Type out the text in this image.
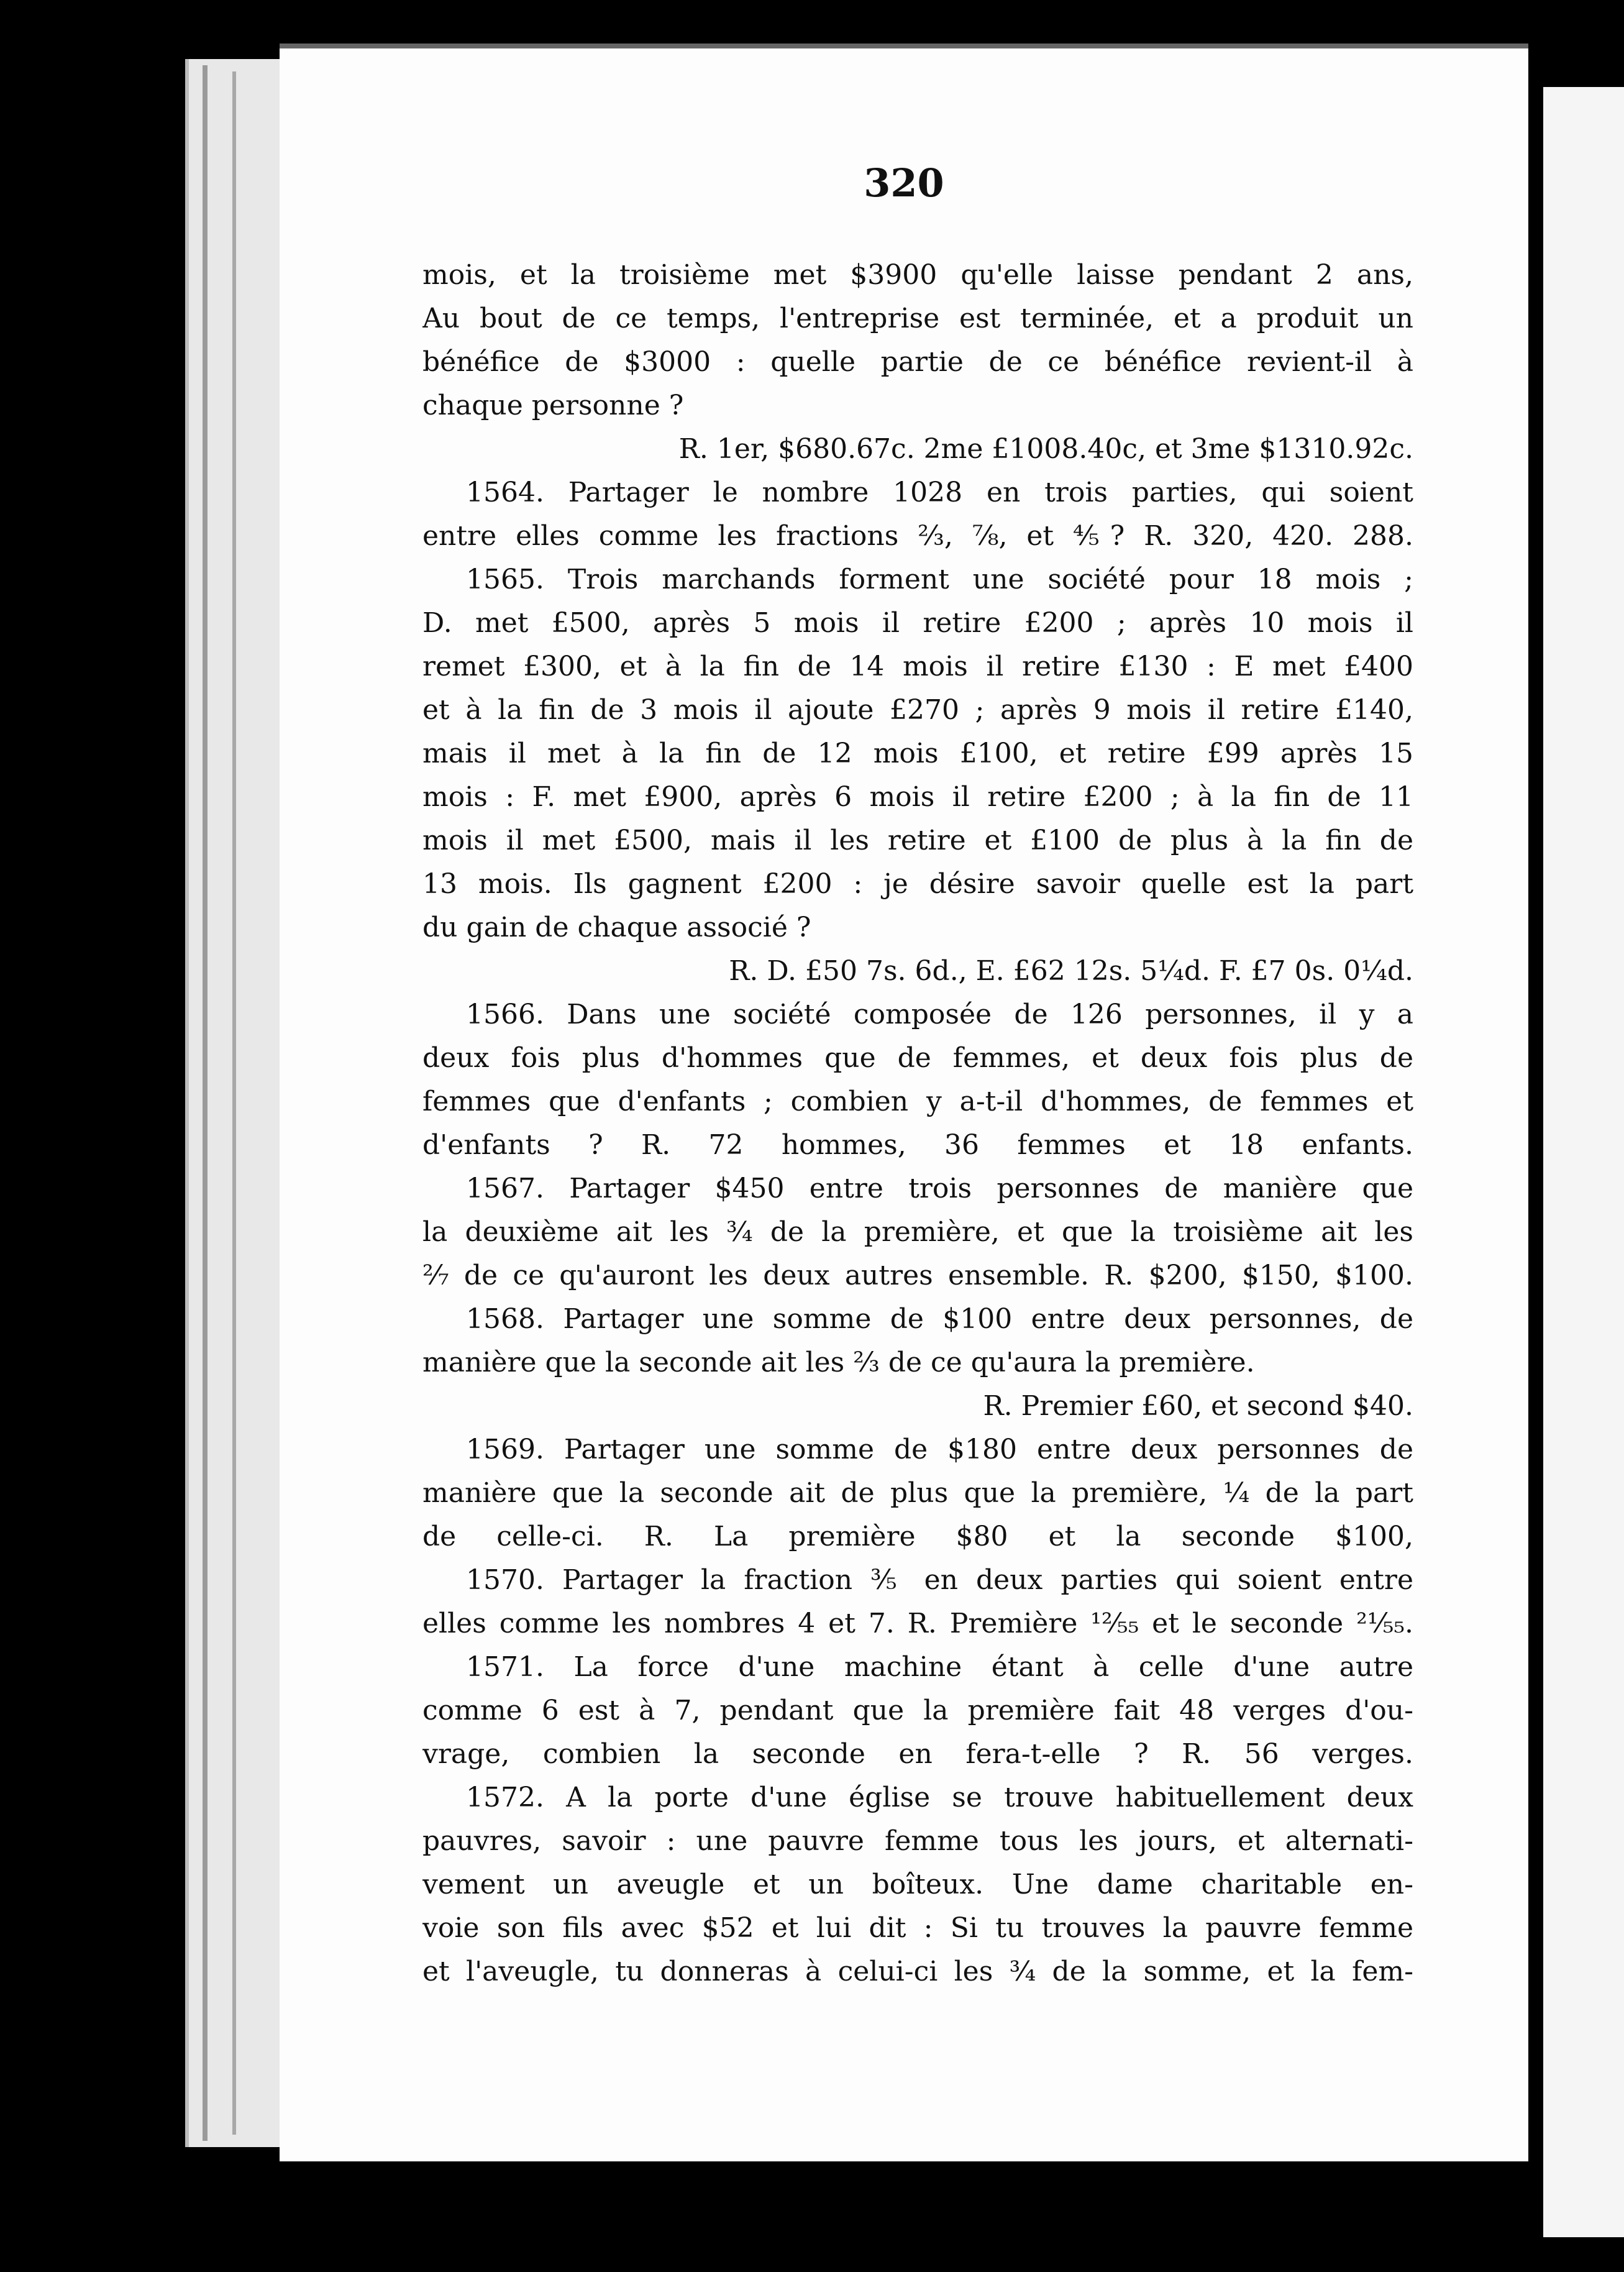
320
mois, et la troisième met $3900 qu'elle laisse pendant 2 ans,
Au bout de ce temps, l'entreprise est terminée, et a produit un
bénéfice de $3000 : quelle partie de ce bénéfice revient-il à
chaque personne ?
R. 1er, $680.67c. 2me £1008.40c, et 3me $1310.92c.
1564. Partager le nombre 1028 en trois parties, qui soient
entre elles comme les fractions ⅔, ⅞, et ⅘? R. 320, 420. 288.
1565. Trois marchands forment une société pour 18 mois ;
D. met £500, après 5 mois il retire £200 ; après 10 mois il
remet £300, et à la fin de 14 mois il retire £130 : E met £400
et à la fin de 3 mois il ajoute £270 ; après 9 mois il retire £140,
mais il met à la fin de 12 mois £100, et retire £99 après 15
mois : F. met £900, après 6 mois il retire £200 ; à la fin de 11
mois il met £500, mais il les retire et £100 de plus à la fin de
13 mois. Ils gagnent £200 : je désire savoir quelle est la part
du gain de chaque associé ?
R. D. £50 7s. 6d., E. £62 12s. 5¼d. F. £7 0s. 0¼d.
1566. Dans une société composée de 126 personnes, il y a
deux fois plus d'hommes que de femmes, et deux fois plus de
femmes que d'enfants ; combien y a-t-il d'hommes, de femmes et
d'enfants ? R. 72 hommes, 36 femmes et 18 enfants.
1567. Partager $450 entre trois personnes de manière que
la deuxième ait les ¾ de la première, et que la troisième ait les
²⁄₇ de ce qu'auront les deux autres ensemble. R. $200, $150, $100.
1568. Partager une somme de $100 entre deux personnes, de
manière que la seconde ait les ⅔ de ce qu'aura la première.
R. Premier £60, et second $40.
1569. Partager une somme de $180 entre deux personnes de
manière que la seconde ait de plus que la première, ¼ de la part
de celle-ci. R. La première $80 et la seconde $100,
1570. Partager la fraction ⅗ en deux parties qui soient entre
elles comme les nombres 4 et 7. R. Première ¹²⁄₅₅ et le seconde ²¹⁄₅₅.
1571. La force d'une machine étant à celle d'une autre
comme 6 est à 7, pendant que la première fait 48 verges d'ou-
vrage, combien la seconde en fera-t-elle ? R. 56 verges.
1572. A la porte d'une église se trouve habituellement deux
pauvres, savoir : une pauvre femme tous les jours, et alternati-
vement un aveugle et un boîteux. Une dame charitable en-
voie son fils avec $52 et lui dit : Si tu trouves la pauvre femme
et l'aveugle, tu donneras à celui-ci les ¾ de la somme, et la fem-
